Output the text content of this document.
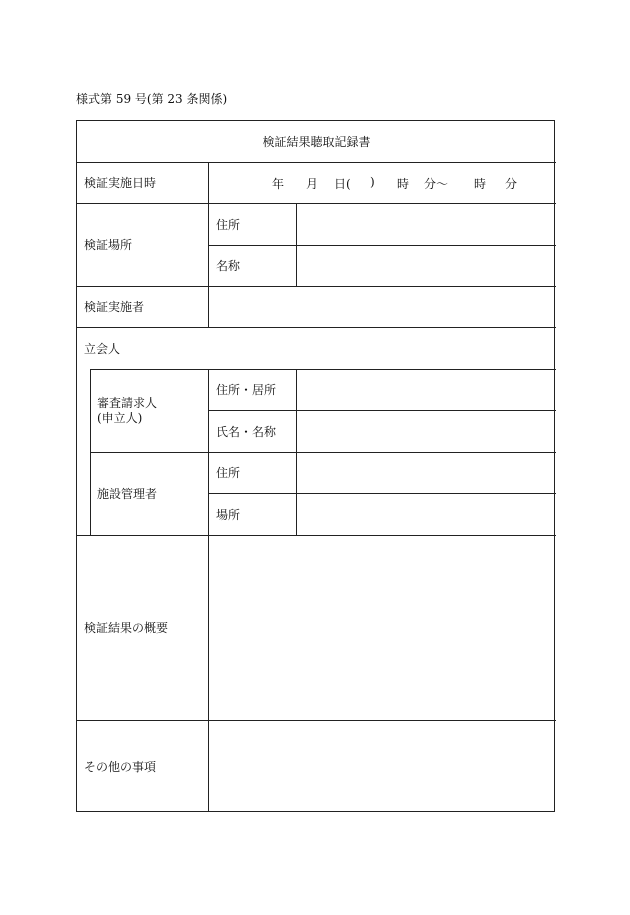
様式第 59 号(第 23 条関係)
検証結果聴取記録書
検証実施日時	年 月 日( ) 時 分〜 時 分
検証場所
住所
名称
検証実施者
立会人
審査請求人
(申立人)
住所・居所
氏名・名称
施設管理者
住所
場所
検証結果の概要
その他の事項
